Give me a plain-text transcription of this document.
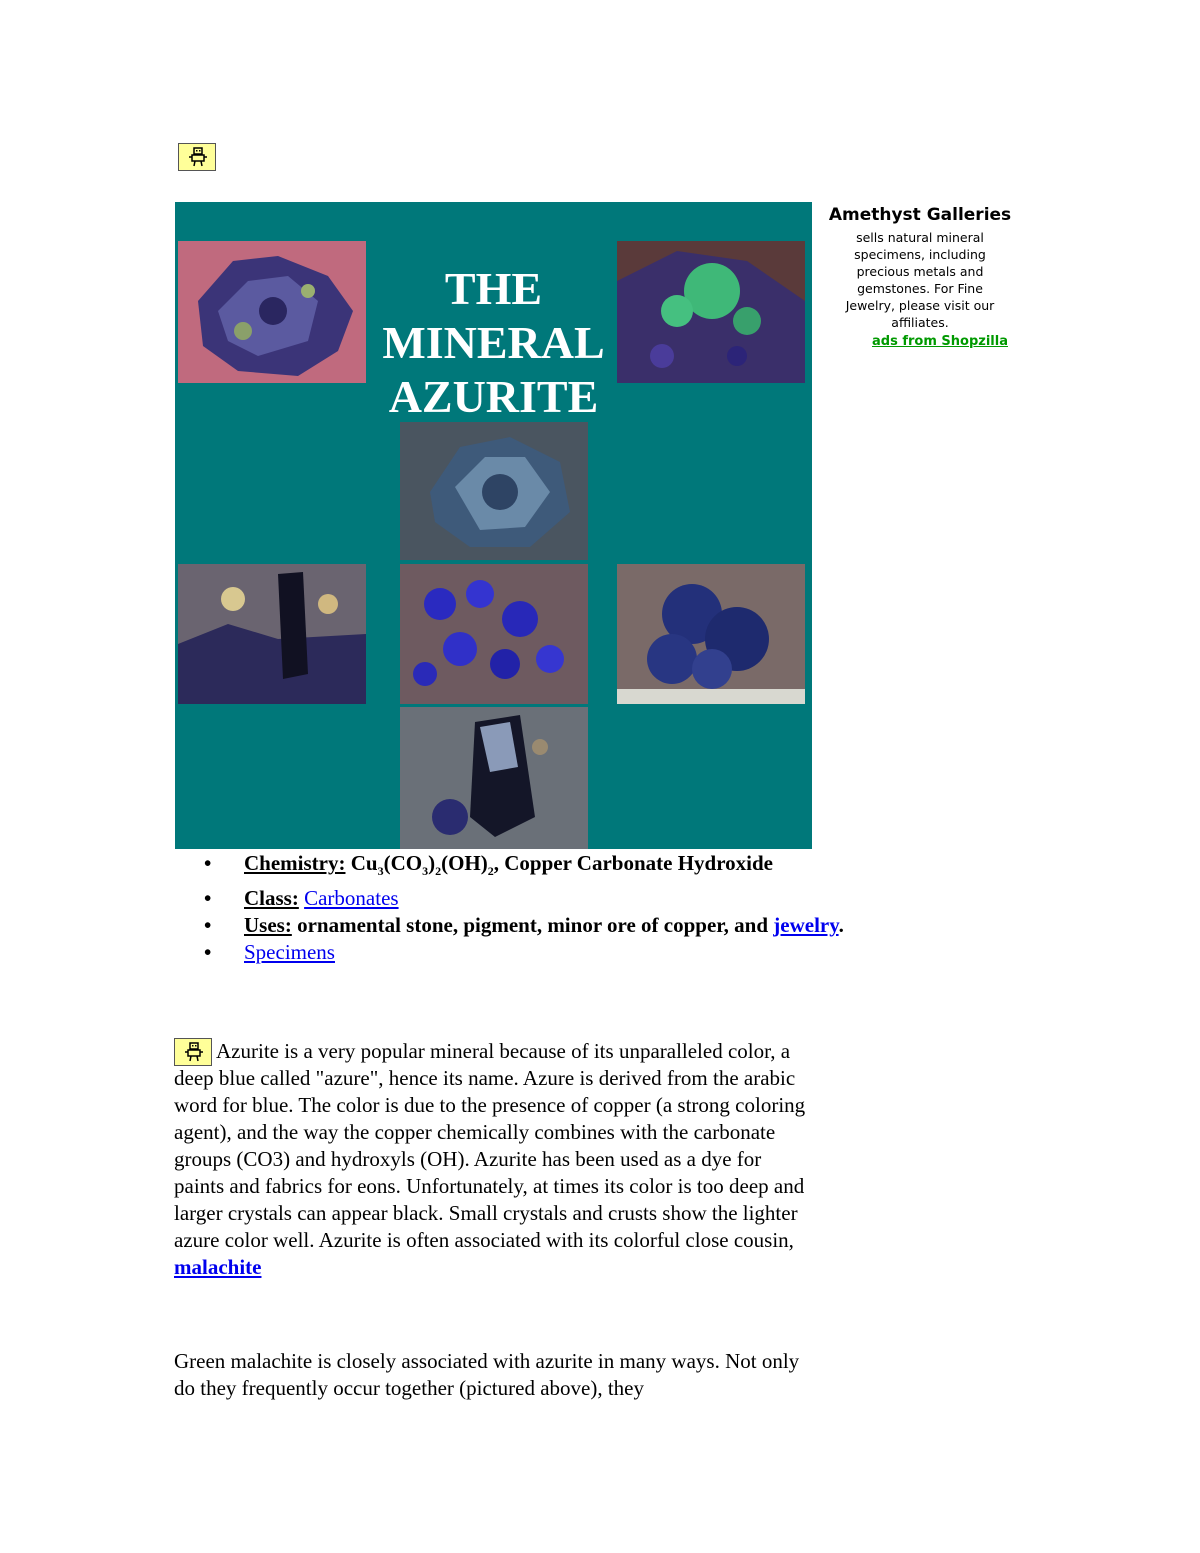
THE
MINERAL
AZURITE
• Chemistry: $Cu_3(CO_3)_2(OH)_2$, Copper Carbonate Hydroxide
• Class: Carbonates
• Uses: ornamental stone, pigment, minor ore of copper, and jewelry.
• Specimens
Amethyst Galleries
sells natural mineral specimens, including precious metals and gemstones. For Fine Jewelry, please visit our affiliates.
ads from Shopzilla

Azurite is a very popular mineral because of its unparalleled color, a deep blue called "azure", hence its name. Azure is derived from the arabic word for blue. The color is due to the presence of copper (a strong coloring agent), and the way the copper chemically combines with the carbonate groups (CO3) and hydroxyls (OH). Azurite has been used as a dye for paints and fabrics for eons. Unfortunately, at times its color is too deep and larger crystals can appear black. Small crystals and crusts show the lighter azure color well. Azurite is often associated with its colorful close cousin, malachite

Green malachite is closely associated with azurite in many ways. Not only do they frequently occur together (pictured above), they
